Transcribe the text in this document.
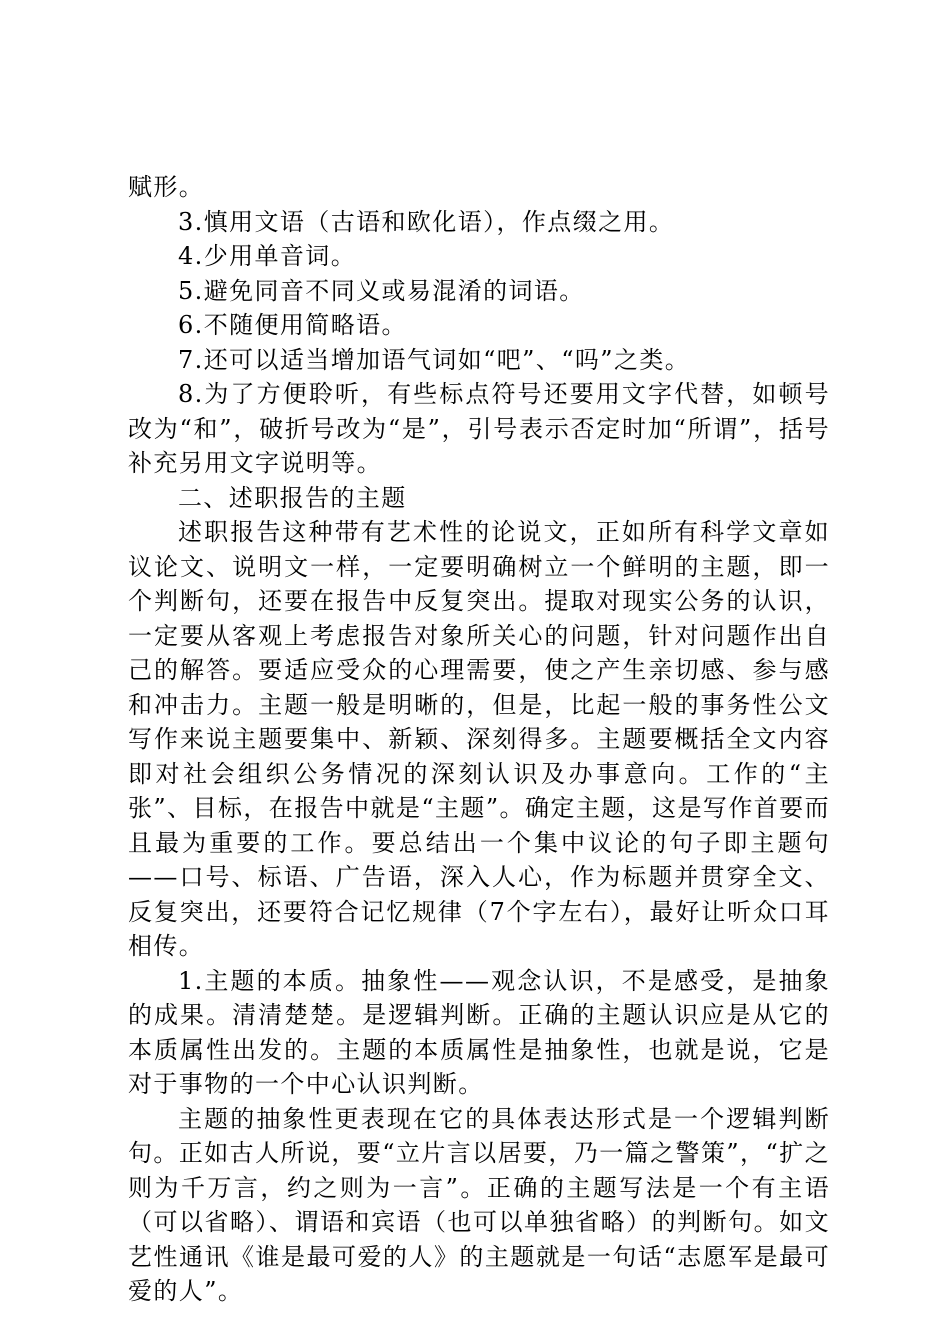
赋形。

3.慎用文语（古语和欧化语），作点缀之用。

4.少用单音词。

5.避免同音不同义或易混淆的词语。

6.不随便用简略语。

7.还可以适当增加语气词如“吧”、“吗”之类。

8.为了方便聆听，有些标点符号还要用文字代替，如顿号改为“和”，破折号改为“是”，引号表示否定时加“所谓”，括号补充另用文字说明等。

二、述职报告的主题

述职报告这种带有艺术性的论说文，正如所有科学文章如议论文、说明文一样，一定要明确树立一个鲜明的主题，即一个判断句，还要在报告中反复突出。提取对现实公务的认识，一定要从客观上考虑报告对象所关心的问题，针对问题作出自己的解答。要适应受众的心理需要，使之产生亲切感、参与感和冲击力。主题一般是明晰的，但是，比起一般的事务性公文写作来说主题要集中、新颖、深刻得多。主题要概括全文内容即对社会组织公务情况的深刻认识及办事意向。工作的“主张”、目标，在报告中就是“主题”。确定主题，这是写作首要而且最为重要的工作。要总结出一个集中议论的句子即主题句——口号、标语、广告语，深入人心，作为标题并贯穿全文、反复突出，还要符合记忆规律（7个字左右），最好让听众口耳相传。

1.主题的本质。抽象性——观念认识，不是感受，是抽象的成果。清清楚楚。是逻辑判断。正确的主题认识应是从它的本质属性出发的。主题的本质属性是抽象性，也就是说，它是对于事物的一个中心认识判断。

主题的抽象性更表现在它的具体表达形式是一个逻辑判断句。正如古人所说，要“立片言以居要，乃一篇之警策”，“扩之则为千万言，约之则为一言”。正确的主题写法是一个有主语（可以省略）、谓语和宾语（也可以单独省略）的判断句。如文艺性通讯《谁是最可爱的人》的主题就是一句话“志愿军是最可爱的人”。
